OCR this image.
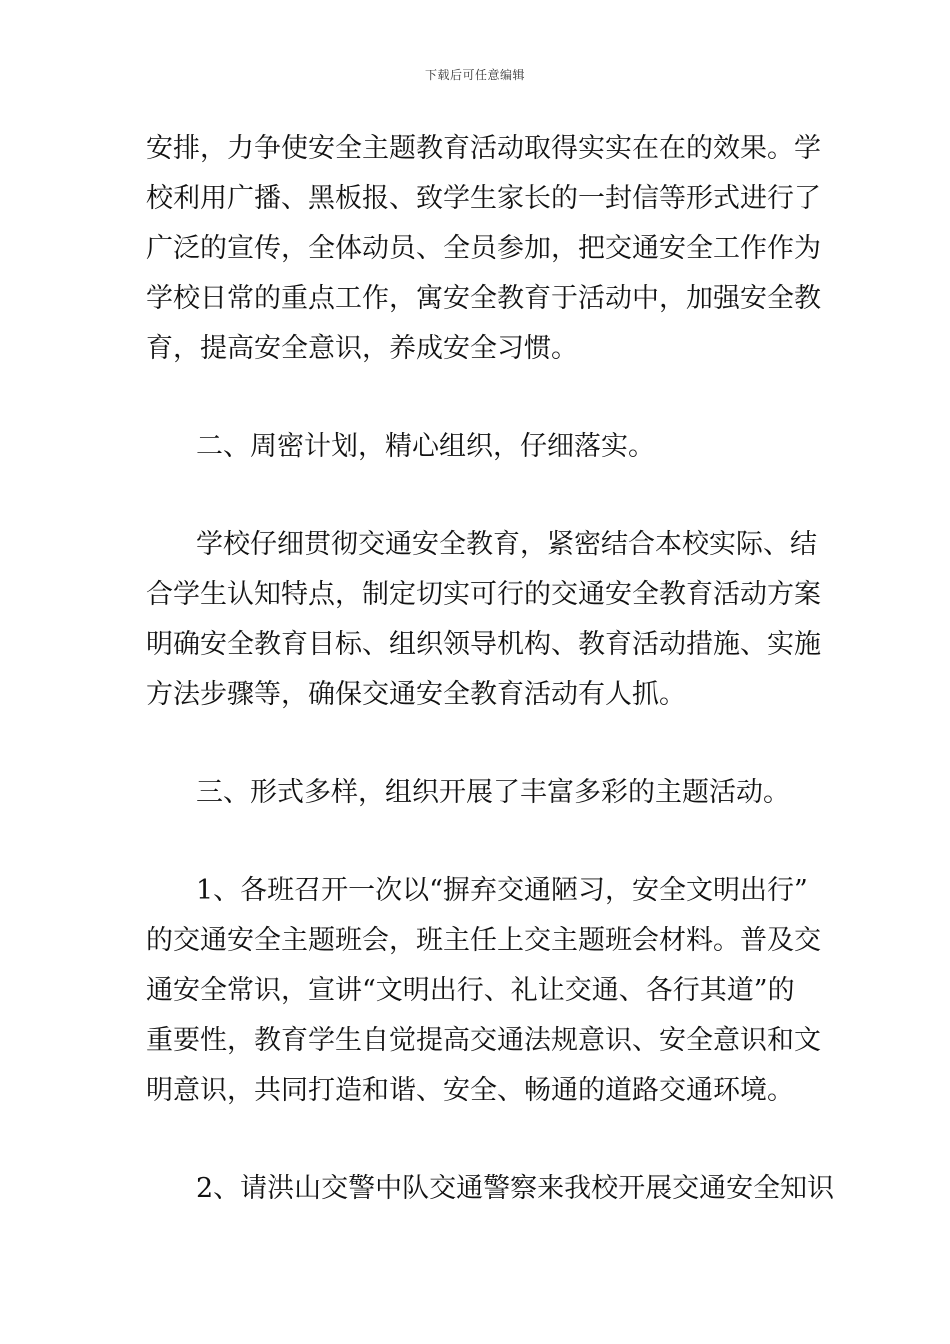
下载后可任意编辑
安排，力争使安全主题教育活动取得实实在在的效果。学
校利用广播、黑板报、致学生家长的一封信等形式进行了
广泛的宣传，全体动员、全员参加，把交通安全工作作为
学校日常的重点工作，寓安全教育于活动中，加强安全教
育，提高安全意识，养成安全习惯。
二、周密计划，精心组织，仔细落实。
学校仔细贯彻交通安全教育，紧密结合本校实际、结
合学生认知特点，制定切实可行的交通安全教育活动方案
明确安全教育目标、组织领导机构、教育活动措施、实施
方法步骤等，确保交通安全教育活动有人抓。
三、形式多样，组织开展了丰富多彩的主题活动。
1、各班召开一次以“摒弃交通陋习，安全文明出行”
的交通安全主题班会，班主任上交主题班会材料。普及交
通安全常识，宣讲“文明出行、礼让交通、各行其道”的
重要性，教育学生自觉提高交通法规意识、安全意识和文
明意识，共同打造和谐、安全、畅通的道路交通环境。
2、请洪山交警中队交通警察来我校开展交通安全知识
